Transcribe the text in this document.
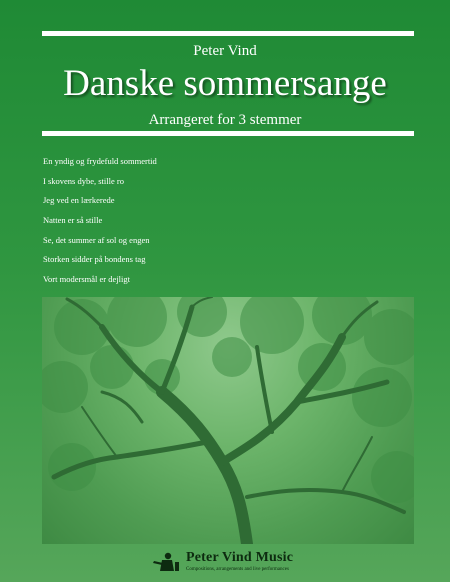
Peter Vind
Danske sommersange
Arrangeret for 3 stemmer
En yndig og frydefuld sommertid
I skovens dybe, stille ro
Jeg ved en lærkerede
Natten er så stille
Se, det summer af sol og engen
Storken sidder på bondens tag
Vort modersmål er dejligt
Peter Vind Music
Compositions, arrangements and live performances
